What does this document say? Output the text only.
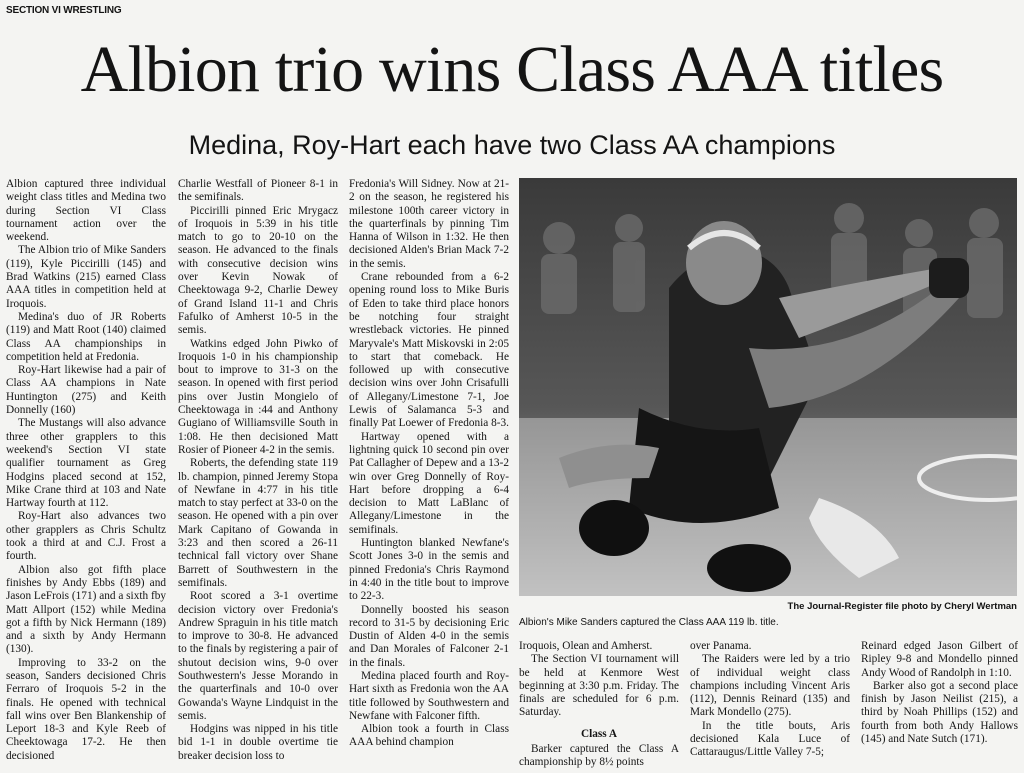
SECTION VI WRESTLING
Albion trio wins Class AAA titles
Medina, Roy-Hart each have two Class AA champions

Albion captured three individual weight class titles and Medina two during Section VI Class tournament action over the weekend.

The Albion trio of Mike Sanders (119), Kyle Piccirilli (145) and Brad Watkins (215) earned Class AAA titles in competition held at Iroquois.

Medina's duo of JR Roberts (119) and Matt Root (140) claimed Class AA championships in competition held at Fredonia.

Roy-Hart likewise had a pair of Class AA champions in Nate Huntington (275) and Keith Donnelly (160)

The Mustangs will also advance three other grapplers to this weekend's Section VI state qualifier tournament as Greg Hodgins placed second at 152, Mike Crane third at 103 and Nate Hartway fourth at 112.

Roy-Hart also advances two other grapplers as Chris Schultz took a third at and C.J. Frost a fourth.

Albion also got fifth place finishes by Andy Ebbs (189) and Jason LeFrois (171) and a sixth fby Matt Allport (152) while Medina got a fifth by Nick Hermann (189) and a sixth by Andy Hermann (130).

Improving to 33-2 on the season, Sanders decisioned Chris Ferraro of Iroquois 5-2 in the finals. He opened with technical fall wins over Ben Blankenship of Leport 18-3 and Kyle Reeb of Cheektowaga 17-2. He then decisioned

Charlie Westfall of Pioneer 8-1 in the semifinals.

Piccirilli pinned Eric Mrygacz of Iroquois in 5:39 in his title match to go to 20-10 on the season. He advanced to the finals with consecutive decision wins over Kevin Nowak of Cheektowaga 9-2, Charlie Dewey of Grand Island 11-1 and Chris Fafulko of Amherst 10-5 in the semis.

Watkins edged John Piwko of Iroquois 1-0 in his championship bout to improve to 31-3 on the season. In opened with first period pins over Justin Mongielo of Cheektowaga in :44 and Anthony Gugiano of Williamsville South in 1:08. He then decisioned Matt Rosier of Pioneer 4-2 in the semis.

Roberts, the defending state 119 lb. champion, pinned Jeremy Stopa of Newfane in 4:77 in his title match to stay perfect at 33-0 on the season. He opened with a pin over Mark Capitano of Gowanda in 3:23 and then scored a 26-11 technical fall victory over Shane Barrett of Southwestern in the semifinals.

Root scored a 3-1 overtime decision victory over Fredonia's Andrew Spraguin in his title match to improve to 30-8. He advanced to the finals by registering a pair of shutout decision wins, 9-0 over Southwestern's Jesse Morando in the quarterfinals and 10-0 over Gowanda's Wayne Lindquist in the semis.

Hodgins was nipped in his title bid 1-1 in double overtime tie breaker decision loss to

Fredonia's Will Sidney. Now at 21-2 on the season, he registered his milestone 100th career victory in the quarterfinals by pinning Tim Hanna of Wilson in 1:32. He then decisioned Alden's Brian Mack 7-2 in the semis.

Crane rebounded from a 6-2 opening round loss to Mike Buris of Eden to take third place honors be notching four straight wrestleback victories. He pinned Maryvale's Matt Miskovski in 2:05 to start that comeback. He followed up with consecutive decision wins over John Crisafulli of Allegany/Limestone 7-1, Joe Lewis of Salamanca 5-3 and finally Pat Loewer of Fredonia 8-3.

Hartway opened with a lightning quick 10 second pin over Pat Callagher of Depew and a 13-2 win over Greg Donnelly of Roy-Hart before dropping a 6-4 decision to Matt LaBlanc of Allegany/Limestone in the semifinals.

Huntington blanked Newfane's Scott Jones 3-0 in the semis and pinned Fredonia's Chris Raymond in 4:40 in the title bout to improve to 22-3.

Donnelly boosted his season record to 31-5 by decisioning Eric Dustin of Alden 4-0 in the semis and Dan Morales of Falconer 2-1 in the finals.

Medina placed fourth and Roy-Hart sixth as Fredonia won the AA title followed by Southwestern and Newfane with Falconer fifth.

Albion took a fourth in Class AAA behind champion

The Journal-Register file photo by Cheryl Wertman
Albion's Mike Sanders captured the Class AAA 119 lb. title.

Iroquois, Olean and Amherst.

The Section VI tournament will be held at Kenmore West beginning at 3:30 p.m. Friday. The finals are scheduled for 6 p.m. Saturday.

Class A

Barker captured the Class A championship by 8½ points

over Panama.

The Raiders were led by a trio of individual weight class champions including Vincent Aris (112), Dennis Reinard (135) and Mark Mondello (275).

In the title bouts, Aris decisioned Kala Luce of Cattaraugus/Little Valley 7-5;

Reinard edged Jason Gilbert of Ripley 9-8 and Mondello pinned Andy Wood of Randolph in 1:10.

Barker also got a second place finish by Jason Neilist (215), a third by Noah Phillips (152) and fourth from both Andy Hallows (145) and Nate Sutch (171).
